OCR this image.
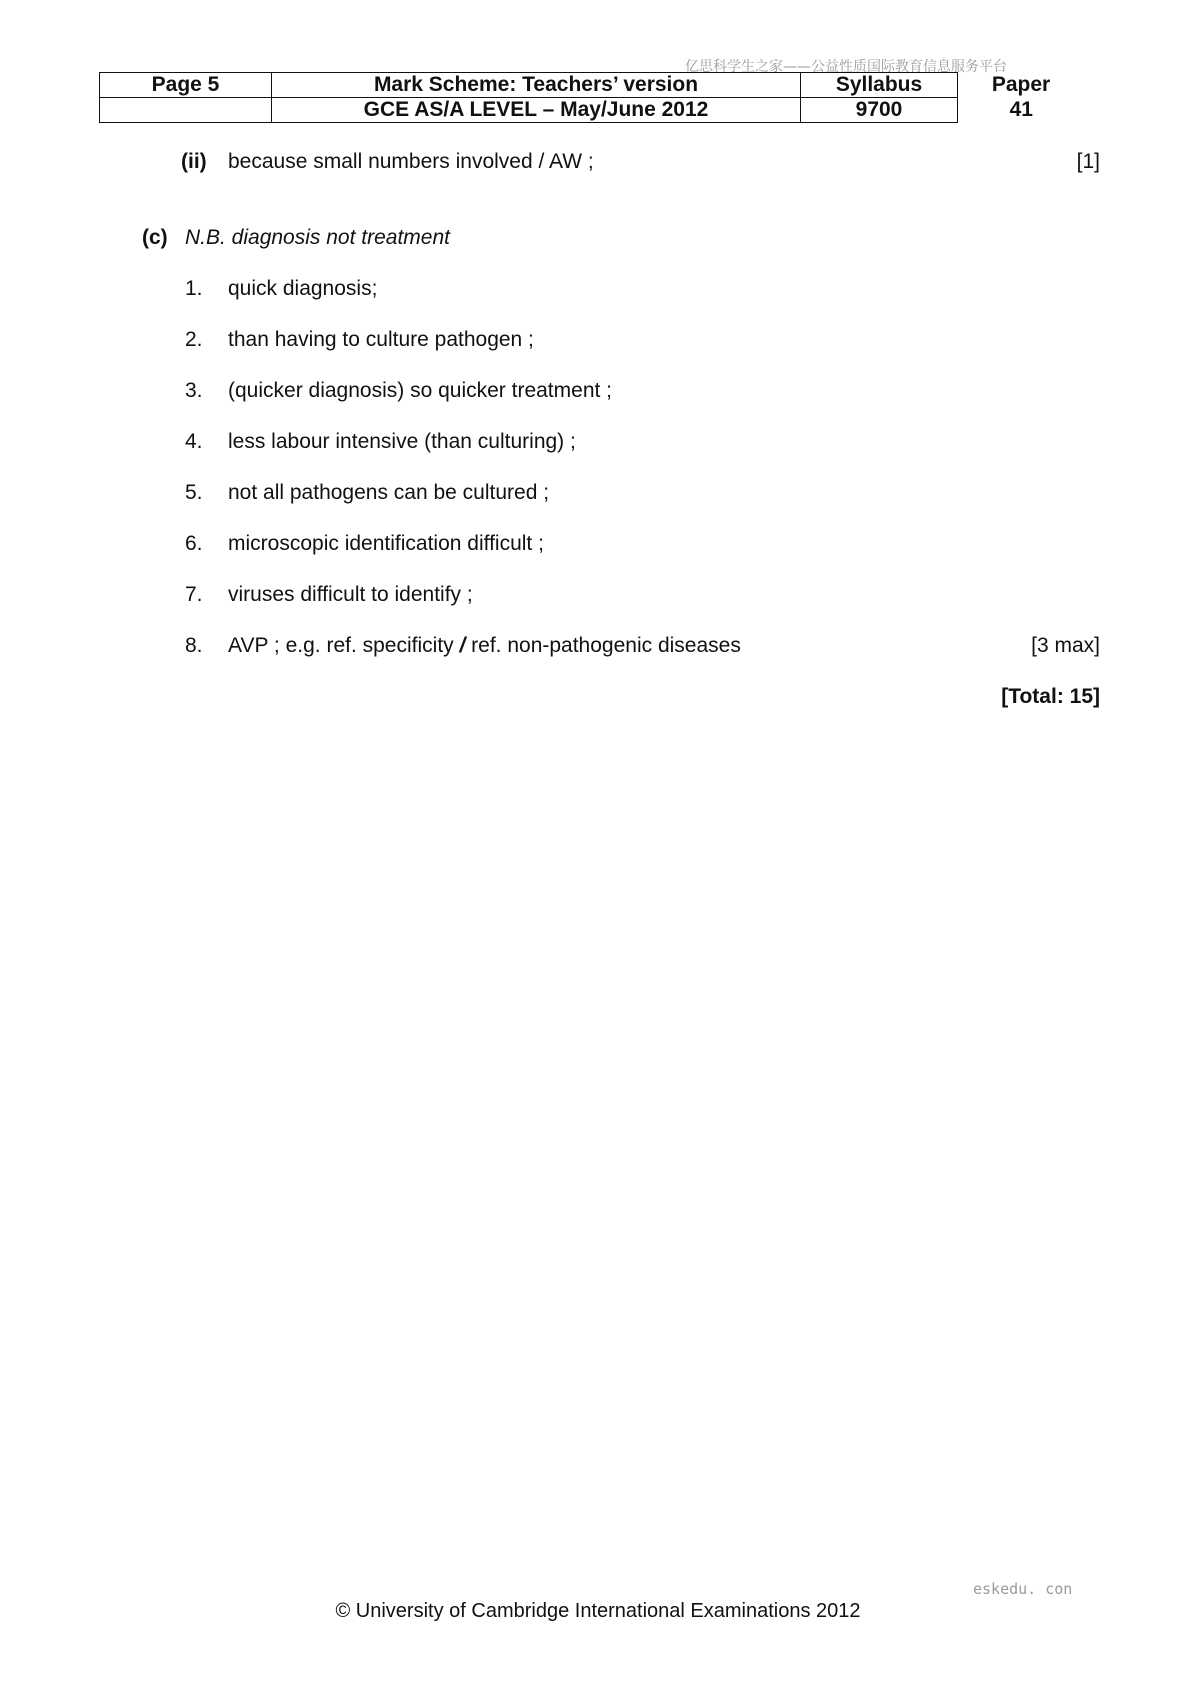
亿思科学生之家——公益性质国际教育信息服务平台
Page 5	Mark Scheme: Teachers’ version	Syllabus	Paper
	GCE AS/A LEVEL – May/June 2012	9700	41
(ii) because small numbers involved / AW ;	[1]
(c) N.B. diagnosis not treatment
1. quick diagnosis;
2. than having to culture pathogen ;
3. (quicker diagnosis) so quicker treatment ;
4. less labour intensive (than culturing) ;
5. not all pathogens can be cultured ;
6. microscopic identification difficult ;
7. viruses difficult to identify ;
8. AVP ; e.g. ref. specificity / ref. non-pathogenic diseases	[3 max]
[Total: 15]
eskedu. con
© University of Cambridge International Examinations 2012
